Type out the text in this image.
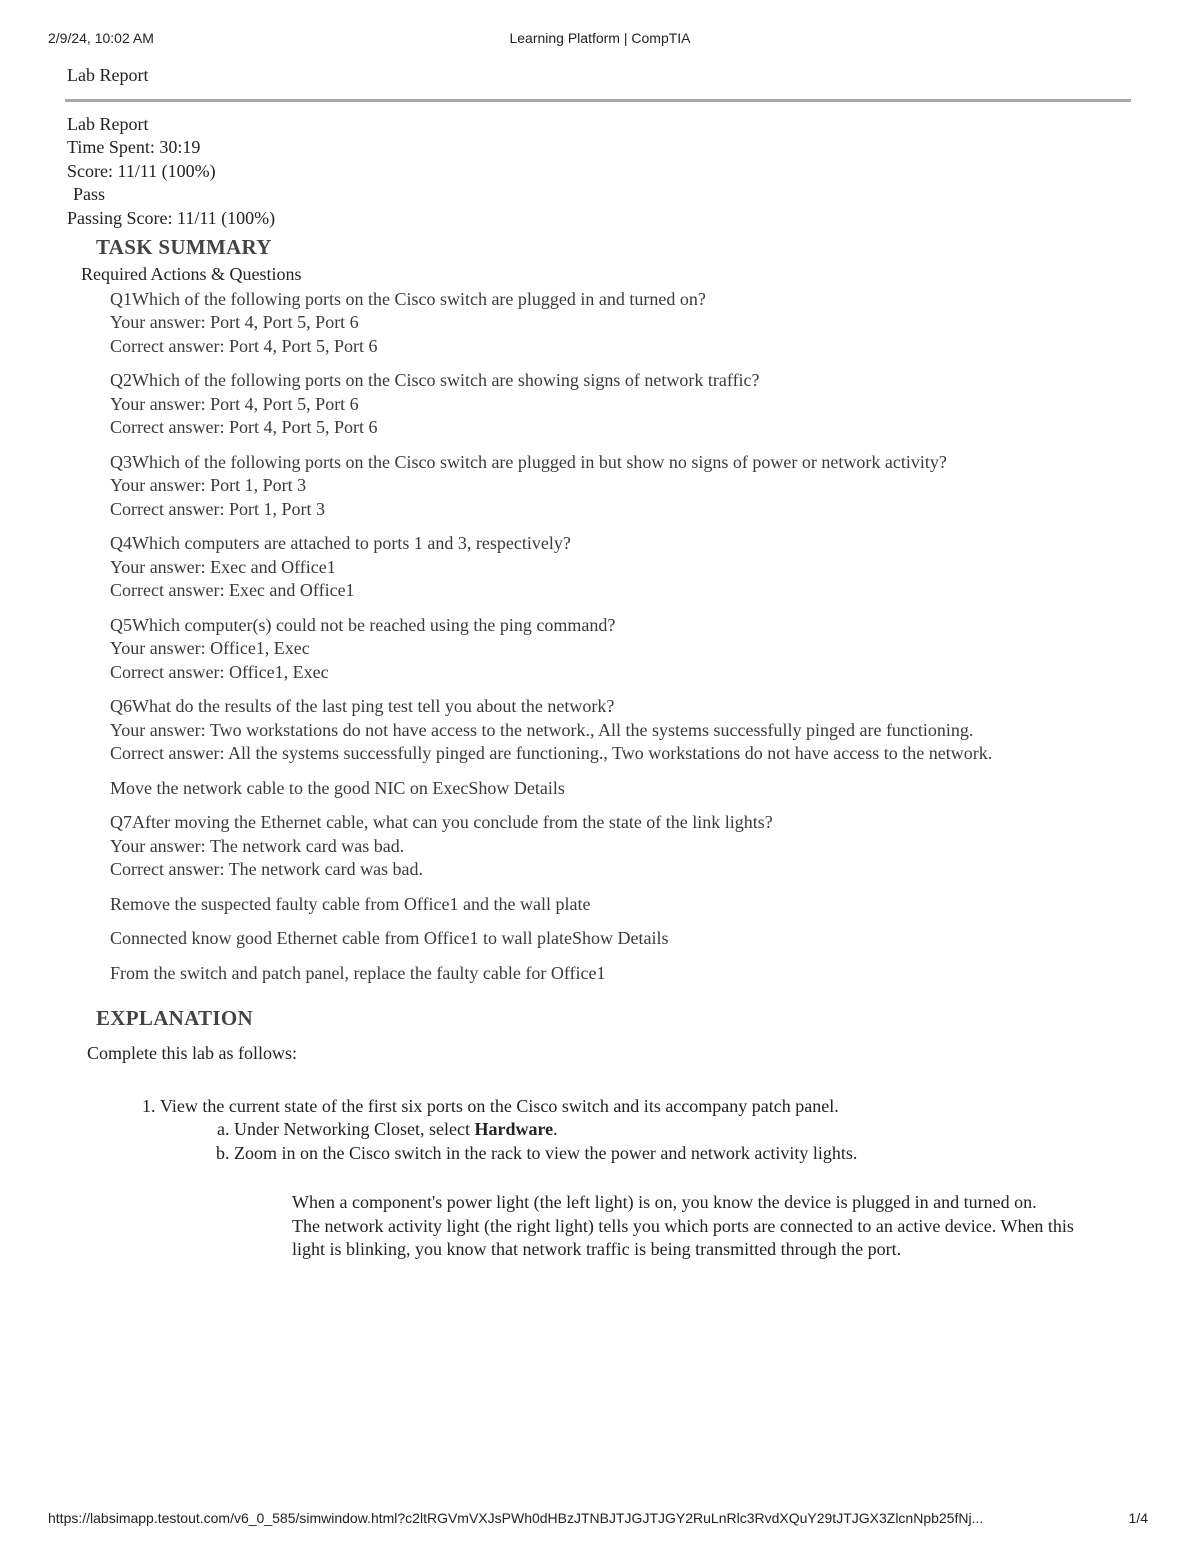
2/9/24, 10:02 AM	Learning Platform | CompTIA
Lab Report
Lab Report
Time Spent: 30:19
Score: 11/11 (100%)
Pass
Passing Score: 11/11 (100%)
TASK SUMMARY
Required Actions & Questions
Q1Which of the following ports on the Cisco switch are plugged in and turned on?
Your answer: Port 4, Port 5, Port 6
Correct answer: Port 4, Port 5, Port 6
Q2Which of the following ports on the Cisco switch are showing signs of network traffic?
Your answer: Port 4, Port 5, Port 6
Correct answer: Port 4, Port 5, Port 6
Q3Which of the following ports on the Cisco switch are plugged in but show no signs of power or network activity?
Your answer: Port 1, Port 3
Correct answer: Port 1, Port 3
Q4Which computers are attached to ports 1 and 3, respectively?
Your answer: Exec and Office1
Correct answer: Exec and Office1
Q5Which computer(s) could not be reached using the ping command?
Your answer: Office1, Exec
Correct answer: Office1, Exec
Q6What do the results of the last ping test tell you about the network?
Your answer: Two workstations do not have access to the network., All the systems successfully pinged are functioning.
Correct answer: All the systems successfully pinged are functioning., Two workstations do not have access to the network.
Move the network cable to the good NIC on ExecShow Details
Q7After moving the Ethernet cable, what can you conclude from the state of the link lights?
Your answer: The network card was bad.
Correct answer: The network card was bad.
Remove the suspected faulty cable from Office1 and the wall plate
Connected know good Ethernet cable from Office1 to wall plateShow Details
From the switch and patch panel, replace the faulty cable for Office1
EXPLANATION
Complete this lab as follows:
1. View the current state of the first six ports on the Cisco switch and its accompany patch panel.
a. Under Networking Closet, select Hardware.
b. Zoom in on the Cisco switch in the rack to view the power and network activity lights.
When a component's power light (the left light) is on, you know the device is plugged in and turned on.
The network activity light (the right light) tells you which ports are connected to an active device. When this light is blinking, you know that network traffic is being transmitted through the port.
https://labsimapp.testout.com/v6_0_585/simwindow.html?c2ltRGVmVXJsPWh0dHBzJTNBJTJGJTJGY2RuLnRlc3RvdXQuY29tJTJGX3ZlcnNpb25fNj...	1/4
